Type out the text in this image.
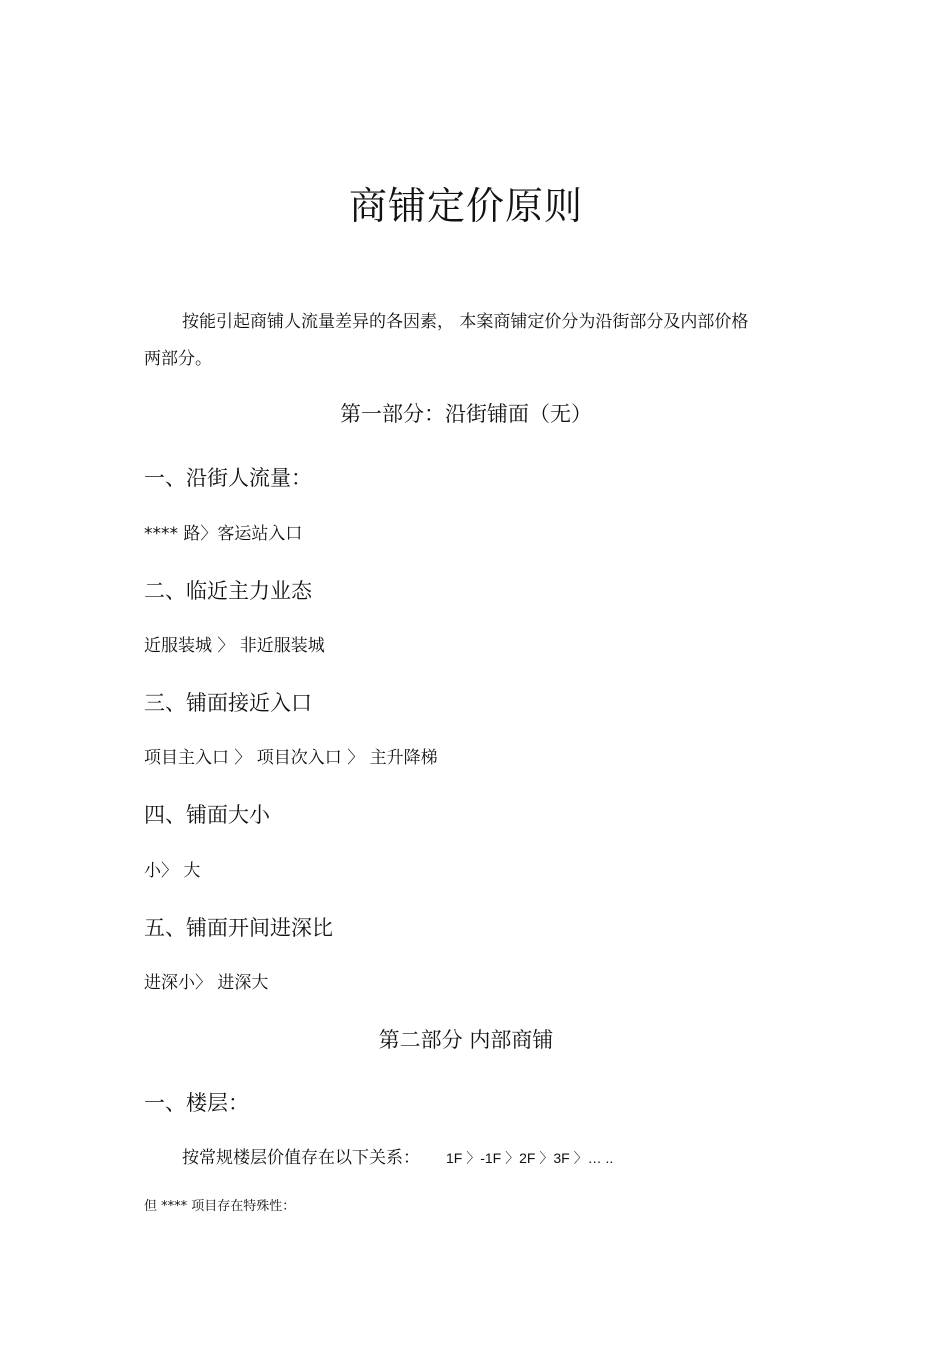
商铺定价原则
按能引起商铺人流量差异的各因素， 本案商铺定价分为沿街部分及内部价格
两部分。
第一部分：沿街铺面（无）
一、沿街人流量：
**** 路〉客运站入口
二、临近主力业态
近服装城 〉 非近服装城
三、铺面接近入口
项目主入口 〉 项目次入口 〉 主升降梯
四、铺面大小
小〉 大
五、铺面开间进深比
进深小〉 进深大
第二部分 内部商铺
一、楼层：
按常规楼层价值存在以下关系： 1F 〉-1F 〉2F 〉3F 〉… ..
但 **** 项目存在特殊性：
